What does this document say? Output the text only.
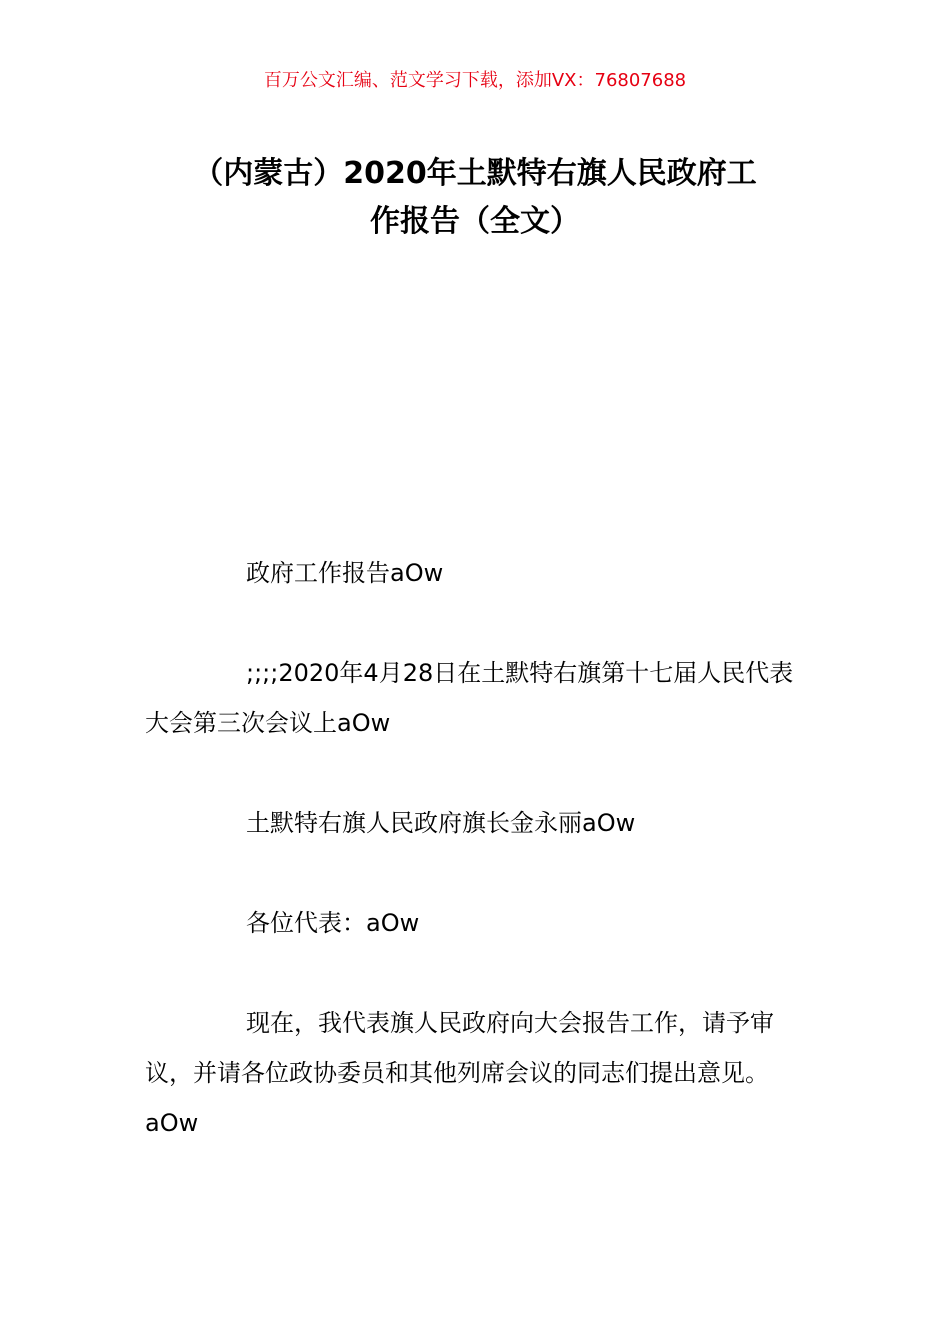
百万公文汇编、范文学习下载，添加VX：76807688
（内蒙古）2020年土默特右旗人民政府工
作报告（全文）

政府工作报告aOw

;;;;2020年4月28日在土默特右旗第十七届人民代表大会第三次会议上aOw

土默特右旗人民政府旗长金永丽aOw

各位代表：aOw

现在，我代表旗人民政府向大会报告工作，请予审议，并请各位政协委员和其他列席会议的同志们提出意见。aOw
